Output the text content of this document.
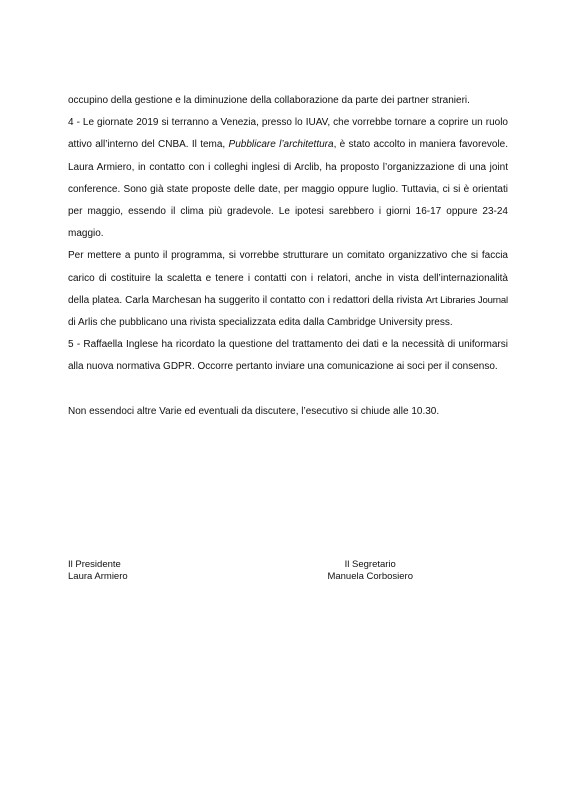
occupino della gestione e la diminuzione della collaborazione da parte dei partner stranieri.

4 - Le giornate 2019 si terranno a Venezia, presso lo IUAV, che vorrebbe tornare a coprire un ruolo attivo all’interno del CNBA. Il tema, Pubblicare l’architettura, è stato accolto in maniera favorevole. Laura Armiero, in contatto con i colleghi inglesi di Arclib, ha proposto l’organizzazione di una joint conference. Sono già state proposte delle date, per maggio oppure luglio. Tuttavia, ci si è orientati per maggio, essendo il clima più gradevole. Le ipotesi sarebbero i giorni 16-17 oppure 23-24 maggio.

Per mettere a punto il programma, si vorrebbe strutturare un comitato organizzativo che si faccia carico di costituire la scaletta e tenere i contatti con i relatori, anche in vista dell’internazionalità della platea. Carla Marchesan ha suggerito il contatto con i redattori della rivista Art Libraries Journal di Arlis che pubblicano una rivista specializzata edita dalla Cambridge University press.

5 - Raffaella Inglese ha ricordato la questione del trattamento dei dati e la necessità di uniformarsi alla nuova normativa GDPR. Occorre pertanto inviare una comunicazione ai soci per il consenso.

Non essendoci altre Varie ed eventuali da discutere, l’esecutivo si chiude alle 10.30.

Il Presidente
Laura Armiero
Il Segretario
Manuela Corbosiero
